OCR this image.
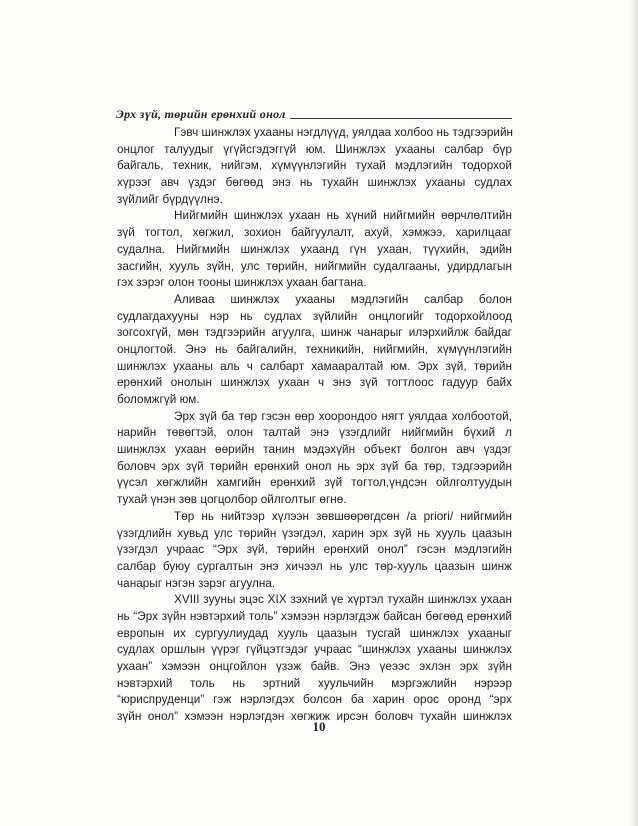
Эрх зүй, төрийн ерөнхий онол
Гэвч шинжлэх ухааны нэгдлүүд, уялдаа холбоо нь тэдгээрийн
онцлог талуудыг үгүйсгэдэггүй юм. Шинжлэх ухааны салбар бүр
байгаль, техник, нийгэм, хүмүүнлэгийн тухай мэдлэгийн тодорхой
хүрээг авч үздэг бөгөөд энэ нь тухайн шинжлэх ухааны судлах
зүйлийг бүрдүүлнэ.
Нийгмийн шинжлэх ухаан нь хүний нийгмийн өөрчлөлтийн
зүй тогтол, хөгжил, зохион байгуулалт, ахуй, хэмжээ, харилцааг
судална. Нийгмийн шинжлэх ухаанд гүн ухаан, түүхийн, эдийн
засгийн, хууль зүйн, улс төрийн, нийгмийн судалгааны, удирдлагын
гэх зэрэг олон тооны шинжлэх ухаан багтана.
Аливаа шинжлэх ухааны мэдлэгийн салбар болон
судлагдахууны нэр нь судлах зүйлийн онцлогийг тодорхойлоод
зогсохгүй, мөн тэдгээрийн агуулга, шинж чанарыг илэрхийлж байдаг
онцлогтой. Энэ нь байгалийн, техникийн, нийгмийн, хүмүүнлэгийн
шинжлэх ухааны аль ч салбарт хамааралтай юм. Эрх зүй, төрийн
ерөнхий онолын шинжлэх ухаан ч энэ зүй тогтлоос гадуур байх
боломжгүй юм.
Эрх зүй ба төр гэсэн өөр хоорондоо нягт уялдаа холбоотой,
нарийн төвөгтэй, олон талтай энэ үзэгдлийг нийгмийн бүхий л
шинжлэх ухаан өөрийн танин мэдэхүйн объект болгон авч үздэг
боловч эрх зүй төрийн ерөнхий онол нь эрх зүй ба төр, тэдгээрийн
үүсэл хөгжлийн хамгийн ерөнхий зүй тогтол,үндсэн ойлголтуудын
тухай үнэн зөв цогцолбор ойлголтыг өгнө.
Төр нь нийтээр хүлээн зөвшөөрөгдсөн /a priori/ нийгмийн
үзэгдлийн хувьд улс төрийн үзэгдэл, харин эрх зүй нь хууль цаазын
үзэгдэл учраас “Эрх зүй, төрийн ерөнхий онол” гэсэн мэдлэгийн
салбар буюу сургалтын энэ хичээл нь улс төр-хууль цаазын шинж
чанарыг нэгэн зэрэг агуулна.
XVIII зууны эцэс XIX зэхний үе хүртэл тухайн шинжлэх ухаан
нь “Эрх зүйн нэвтэрхий толь” хэмээн нэрлэгдэж байсан бөгөөд ерөнхий
европын их сургуулиудад хууль цаазын тусгай шинжлэх ухааныг
судлах оршлын үүрэг гүйцэтгэдэг учраас “шинжлэх ухааны шинжлэх
ухаан” хэмээн онцгойлон үзэж байв. Энэ үеээс эхлэн эрх зүйн
нэвтэрхий толь нь эртний хуульчийн мэргэжлийн нэрээр
“юриспруденци” гэж нэрлэгдэх болсон ба харин орос оронд “эрх
зүйн онол” хэмээн нэрлэгдэн хөгжиж ирсэн боловч тухайн шинжлэх
10
